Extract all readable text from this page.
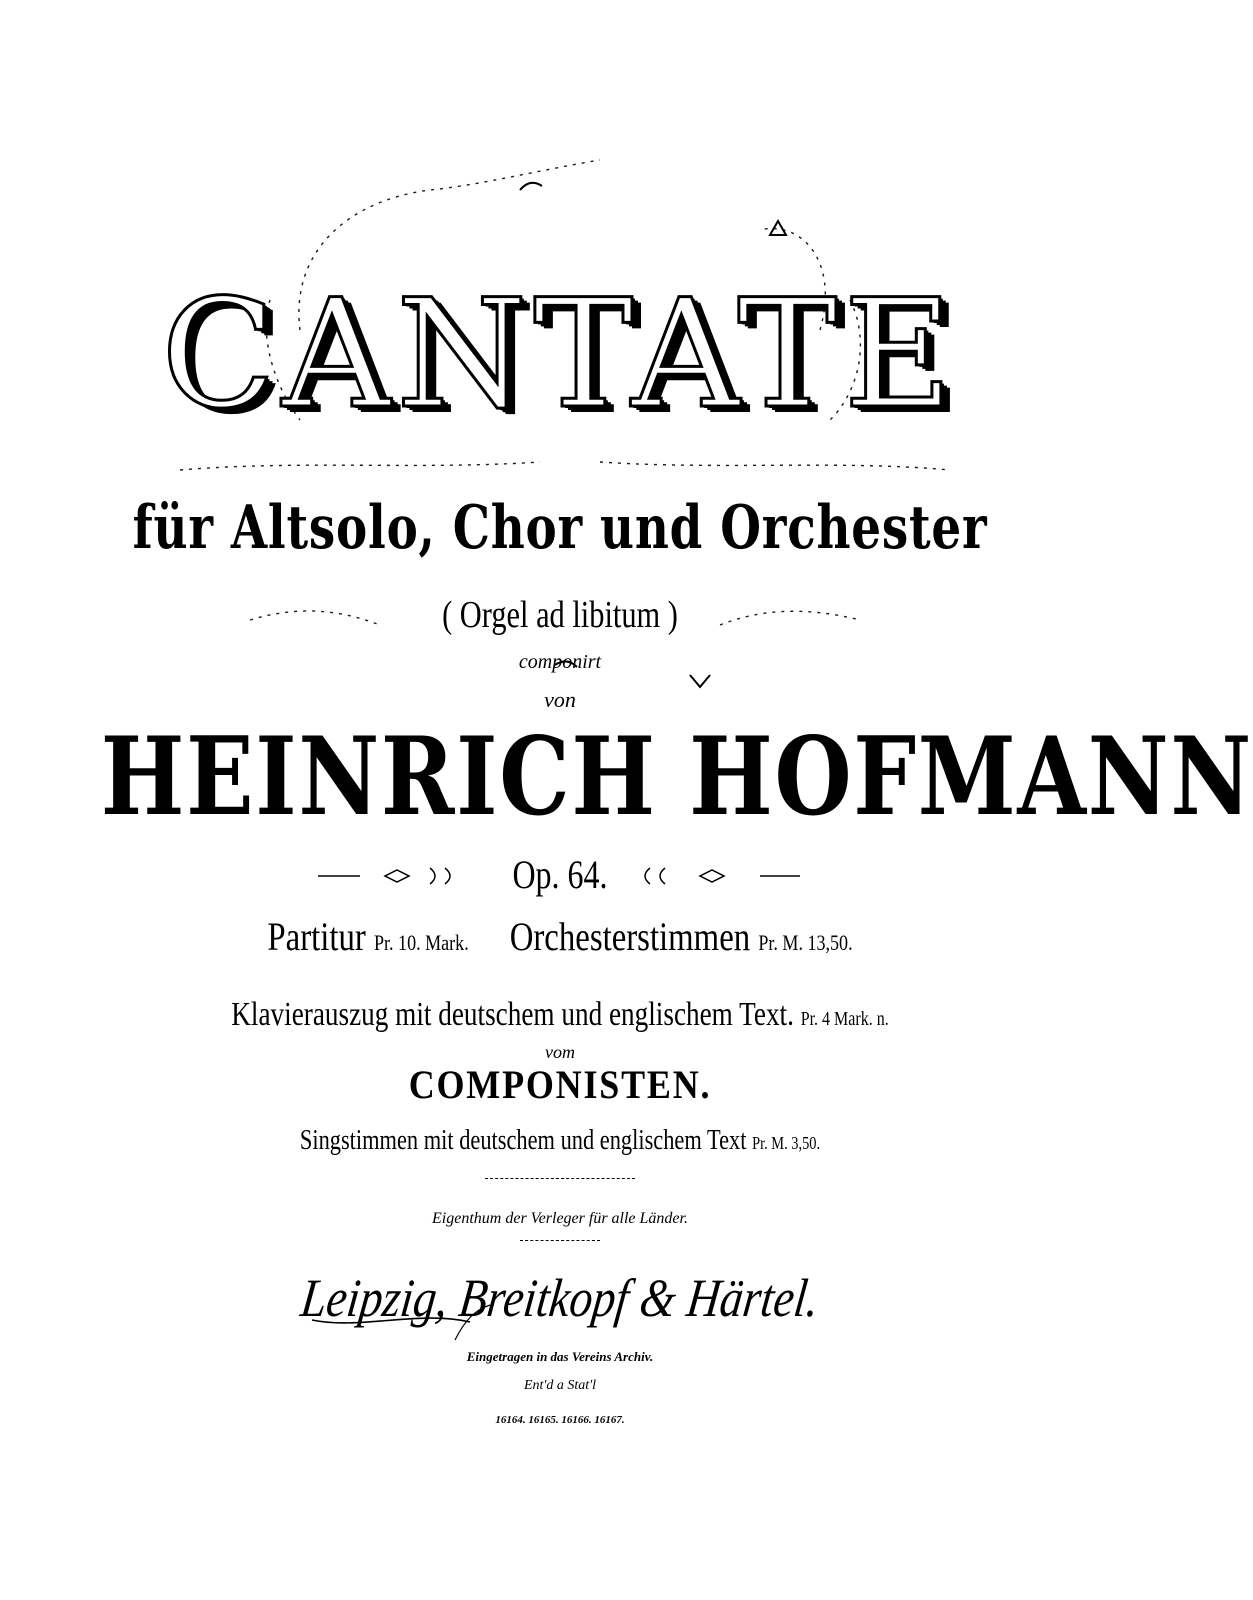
CANTATE
für Altsolo, Chor und Orchester
( Orgel ad libitum )
componirt
von
HEINRICH HOFMANN
Op. 64.
Partitur Pr. 10. Mark. Orchesterstimmen Pr. M. 13,50.
Klavierauszug mit deutschem und englischem Text. Pr. 4 Mark. n.
vom
COMPONISTEN.
Singstimmen mit deutschem und englischem Text Pr. M. 3,50.
Eigenthum der Verleger für alle Länder.
Leipzig, Breitkopf & Härtel.
Eingetragen in das Vereins Archiv.
Ent'd a Stat'l
16164. 16165. 16166. 16167.
